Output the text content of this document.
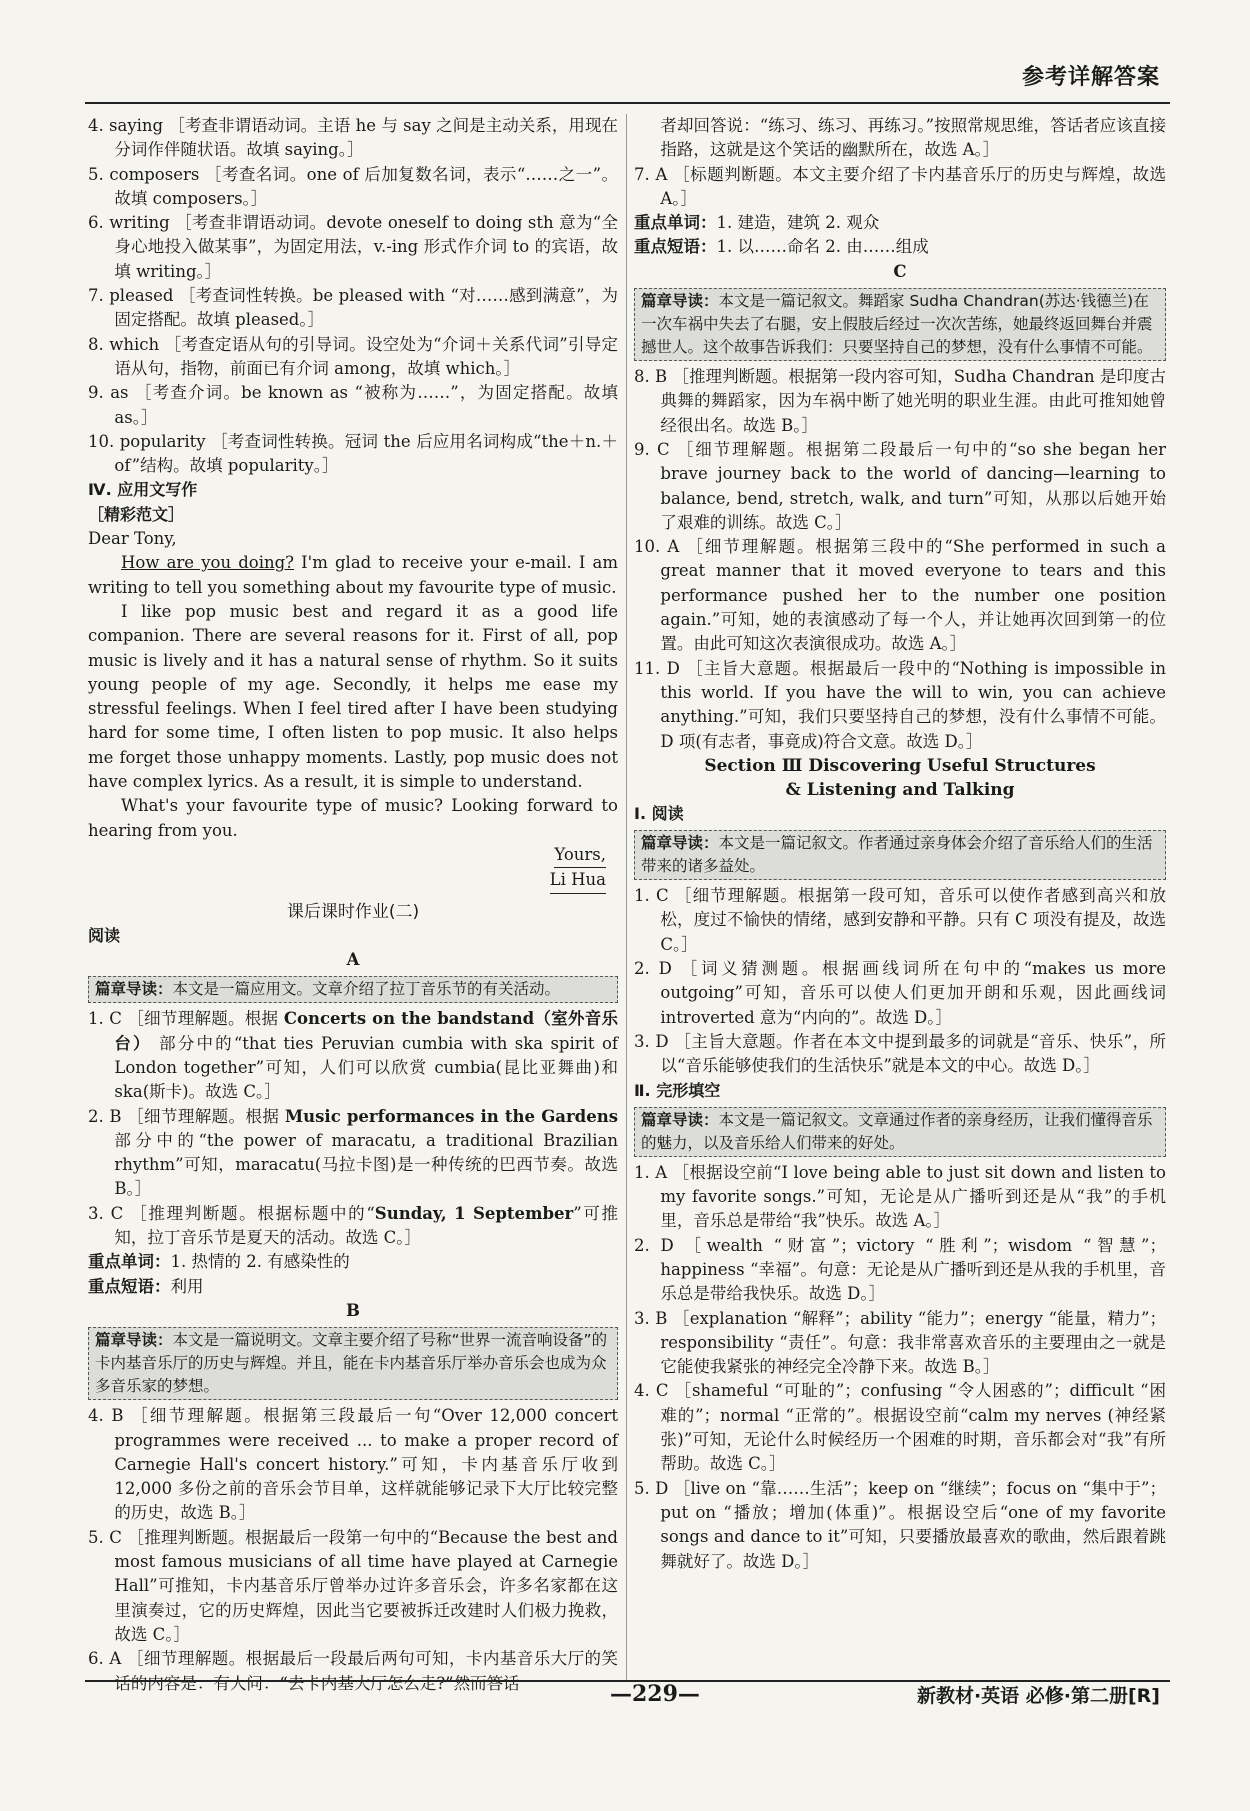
参考详解答案
4. saying ［考查非谓语动词。主语 he 与 say 之间是主动关系，用现在分词作伴随状语。故填 saying。］
5. composers ［考查名词。one of 后加复数名词，表示“……之一”。故填 composers。］
6. writing ［考查非谓语动词。devote oneself to doing sth 意为“全身心地投入做某事”，为固定用法，v.-ing 形式作介词 to 的宾语，故填 writing。］
7. pleased ［考查词性转换。be pleased with “对……感到满意”，为固定搭配。故填 pleased。］
8. which ［考查定语从句的引导词。设空处为“介词＋关系代词”引导定语从句，指物，前面已有介词 among，故填 which。］
9. as ［考查介词。be known as “被称为……”，为固定搭配。故填 as。］
10. popularity ［考查词性转换。冠词 the 后应用名词构成“the＋n.＋of”结构。故填 popularity。］
Ⅳ. 应用文写作
［精彩范文］
Dear Tony,
How are you doing? I'm glad to receive your e-mail. I am writing to tell you something about my favourite type of music.
I like pop music best and regard it as a good life companion. There are several reasons for it. First of all, pop music is lively and it has a natural sense of rhythm. So it suits young people of my age. Secondly, it helps me ease my stressful feelings. When I feel tired after I have been studying hard for some time, I often listen to pop music. It also helps me forget those unhappy moments. Lastly, pop music does not have complex lyrics. As a result, it is simple to understand.
What's your favourite type of music? Looking forward to hearing from you.
Yours,
Li Hua
课后课时作业(二)
阅读
A
篇章导读：本文是一篇应用文。文章介绍了拉丁音乐节的有关活动。
1. C ［细节理解题。根据 Concerts on the bandstand（室外音乐台） 部分中的“that ties Peruvian cumbia with ska spirit of London together”可知，人们可以欣赏 cumbia(昆比亚舞曲)和 ska(斯卡)。故选 C。］
2. B ［细节理解题。根据 Music performances in the Gardens 部分中的“the power of maracatu, a traditional Brazilian rhythm”可知，maracatu(马拉卡图)是一种传统的巴西节奏。故选 B。］
3. C ［推理判断题。根据标题中的“Sunday, 1 September”可推知，拉丁音乐节是夏天的活动。故选 C。］
重点单词：1. 热情的 2. 有感染性的
重点短语：利用
B
篇章导读：本文是一篇说明文。文章主要介绍了号称“世界一流音响设备”的卡内基音乐厅的历史与辉煌。并且，能在卡内基音乐厅举办音乐会也成为众多音乐家的梦想。
4. B ［细节理解题。根据第三段最后一句“Over 12,000 concert programmes were received ... to make a proper record of Carnegie Hall's concert history.”可知，卡内基音乐厅收到 12,000 多份之前的音乐会节目单，这样就能够记录下大厅比较完整的历史，故选 B。］
5. C ［推理判断题。根据最后一段第一句中的“Because the best and most famous musicians of all time have played at Carnegie Hall”可推知，卡内基音乐厅曾举办过许多音乐会，许多名家都在这里演奏过，它的历史辉煌，因此当它要被拆迁改建时人们极力挽救，故选 C。］
6. A ［细节理解题。根据最后一段最后两句可知，卡内基音乐大厅的笑话的内容是：有人问：“去卡内基大厅怎么走?”然而答话
者却回答说：“练习、练习、再练习。”按照常规思维，答话者应该直接指路，这就是这个笑话的幽默所在，故选 A。］
7. A ［标题判断题。本文主要介绍了卡内基音乐厅的历史与辉煌，故选 A。］
重点单词：1. 建造，建筑 2. 观众
重点短语：1. 以……命名 2. 由……组成
C
篇章导读：本文是一篇记叙文。舞蹈家 Sudha Chandran(苏达·钱德兰)在一次车祸中失去了右腿，安上假肢后经过一次次苦练，她最终返回舞台并震撼世人。这个故事告诉我们：只要坚持自己的梦想，没有什么事情不可能。
8. B ［推理判断题。根据第一段内容可知，Sudha Chandran 是印度古典舞的舞蹈家，因为车祸中断了她光明的职业生涯。由此可推知她曾经很出名。故选 B。］
9. C ［细节理解题。根据第二段最后一句中的“so she began her brave journey back to the world of dancing—learning to balance, bend, stretch, walk, and turn”可知，从那以后她开始了艰难的训练。故选 C。］
10. A ［细节理解题。根据第三段中的“She performed in such a great manner that it moved everyone to tears and this performance pushed her to the number one position again.”可知，她的表演感动了每一个人，并让她再次回到第一的位置。由此可知这次表演很成功。故选 A。］
11. D ［主旨大意题。根据最后一段中的“Nothing is impossible in this world. If you have the will to win, you can achieve anything.”可知，我们只要坚持自己的梦想，没有什么事情不可能。D 项(有志者，事竟成)符合文意。故选 D。］
Section Ⅲ Discovering Useful Structures
& Listening and Talking
Ⅰ. 阅读
篇章导读：本文是一篇记叙文。作者通过亲身体会介绍了音乐给人们的生活带来的诸多益处。
1. C ［细节理解题。根据第一段可知，音乐可以使作者感到高兴和放松，度过不愉快的情绪，感到安静和平静。只有 C 项没有提及，故选 C。］
2. D ［词义猜测题。根据画线词所在句中的“makes us more outgoing”可知，音乐可以使人们更加开朗和乐观，因此画线词 introverted 意为“内向的”。故选 D。］
3. D ［主旨大意题。作者在本文中提到最多的词就是“音乐、快乐”，所以“音乐能够使我们的生活快乐”就是本文的中心。故选 D。］
Ⅱ. 完形填空
篇章导读：本文是一篇记叙文。文章通过作者的亲身经历，让我们懂得音乐的魅力，以及音乐给人们带来的好处。
1. A ［根据设空前“I love being able to just sit down and listen to my favorite songs.”可知，无论是从广播听到还是从“我”的手机里，音乐总是带给“我”快乐。故选 A。］
2. D ［wealth “财富”；victory “胜利”；wisdom “智慧”；happiness “幸福”。句意：无论是从广播听到还是从我的手机里，音乐总是带给我快乐。故选 D。］
3. B ［explanation “解释”；ability “能力”；energy “能量，精力”；responsibility “责任”。句意：我非常喜欢音乐的主要理由之一就是它能使我紧张的神经完全冷静下来。故选 B。］
4. C ［shameful “可耻的”；confusing “令人困惑的”；difficult “困难的”；normal “正常的”。根据设空前“calm my nerves (神经紧张)”可知，无论什么时候经历一个困难的时期，音乐都会对“我”有所帮助。故选 C。］
5. D ［live on “靠……生活”；keep on “继续”；focus on “集中于”；put on “播放；增加(体重)”。根据设空后“one of my favorite songs and dance to it”可知，只要播放最喜欢的歌曲，然后跟着跳舞就好了。故选 D。］
—229—	新教材·英语 必修·第二册[R]
